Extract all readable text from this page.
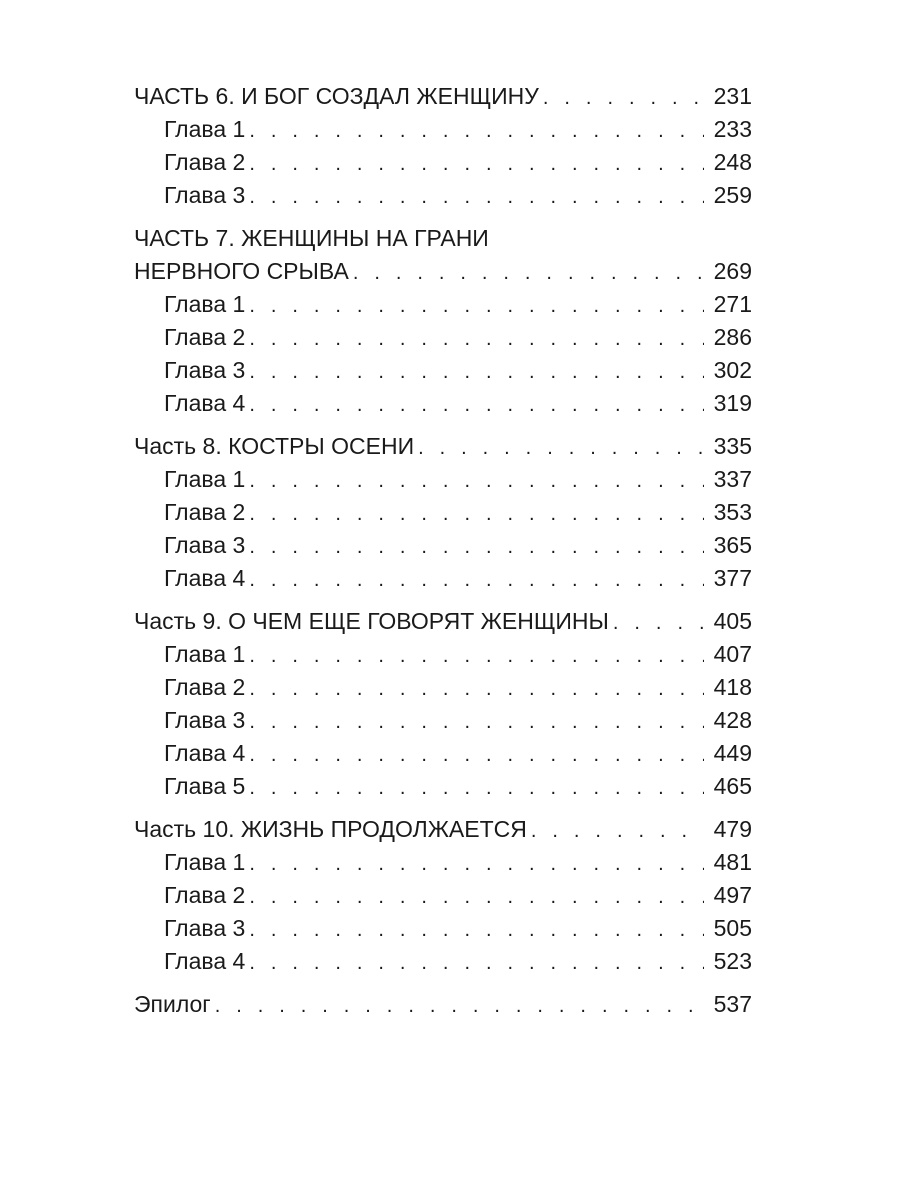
ЧАСТЬ 6. И БОГ СОЗДАЛ ЖЕНЩИНУ . . .	231
Глава 1 . . .	233
Глава 2 . . .	248
Глава 3 . . .	259
ЧАСТЬ 7. ЖЕНЩИНЫ НА ГРАНИ
НЕРВНОГО СРЫВА . . .	269
Глава 1 . . .	271
Глава 2 . . .	286
Глава 3 . . .	302
Глава 4 . . .	319
Часть 8. КОСТРЫ ОСЕНИ . . .	335
Глава 1 . . .	337
Глава 2 . . .	353
Глава 3 . . .	365
Глава 4 . . .	377
Часть 9. О ЧЕМ ЕЩЕ ГОВОРЯТ ЖЕНЩИНЫ . . .	405
Глава 1 . . .	407
Глава 2 . . .	418
Глава 3 . . .	428
Глава 4 . . .	449
Глава 5 . . .	465
Часть 10. ЖИЗНЬ ПРОДОЛЖАЕТСЯ . . .	479
Глава 1 . . .	481
Глава 2 . . .	497
Глава 3 . . .	505
Глава 4 . . .	523
Эпилог . . .	537
